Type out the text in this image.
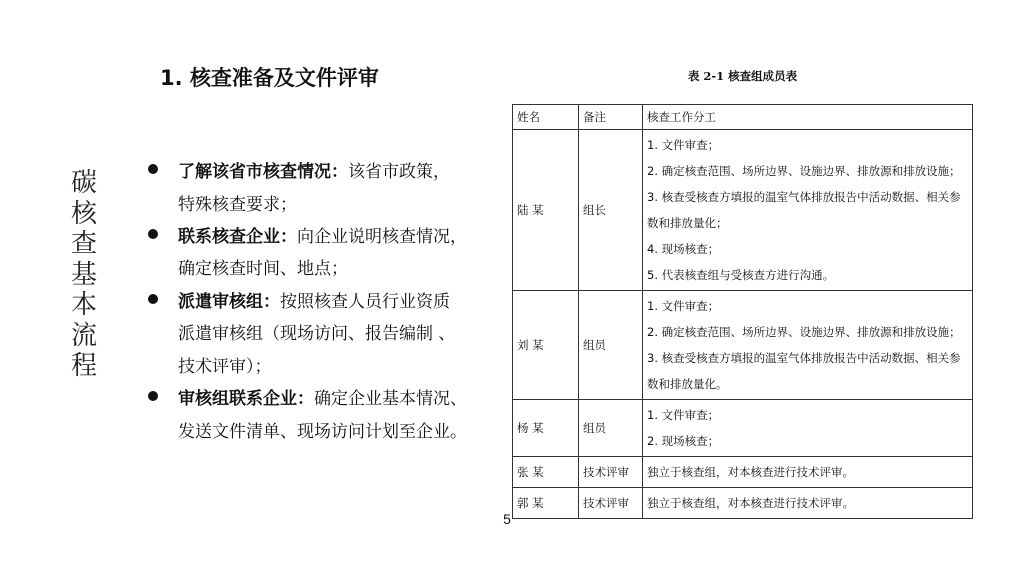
碳
核
查
基
本
流
程
1. 核查准备及文件评审
了解该省市核查情况：该省市政策，
特殊核查要求；
联系核查企业：向企业说明核查情况，
确定核查时间、地点；
派遣审核组：按照核查人员行业资质
派遣审核组（现场访问、报告编制 、
技术评审）；
审核组联系企业：确定企业基本情况、
发送文件清单、现场访问计划至企业。
表 2-1 核查组成员表
姓名	备注	核查工作分工
陆 某	组长	1. 文件审查；
2. 确定核查范围、场所边界、设施边界、排放源和排放设施；
3. 核查受核查方填报的温室气体排放报告中活动数据、相关参数和排放量化；
4. 现场核查；
5. 代表核查组与受核查方进行沟通。

刘 某	组员	1. 文件审查；
2. 确定核查范围、场所边界、设施边界、排放源和排放设施；
3. 核查受核查方填报的温室气体排放报告中活动数据、相关参数和排放量化。

杨 某	组员	1. 文件审查；
2. 现场核查；

张 某	技术评审	独立于核查组，对本核查进行技术评审。

郭 某	技术评审	独立于核查组，对本核查进行技术评审。
5
